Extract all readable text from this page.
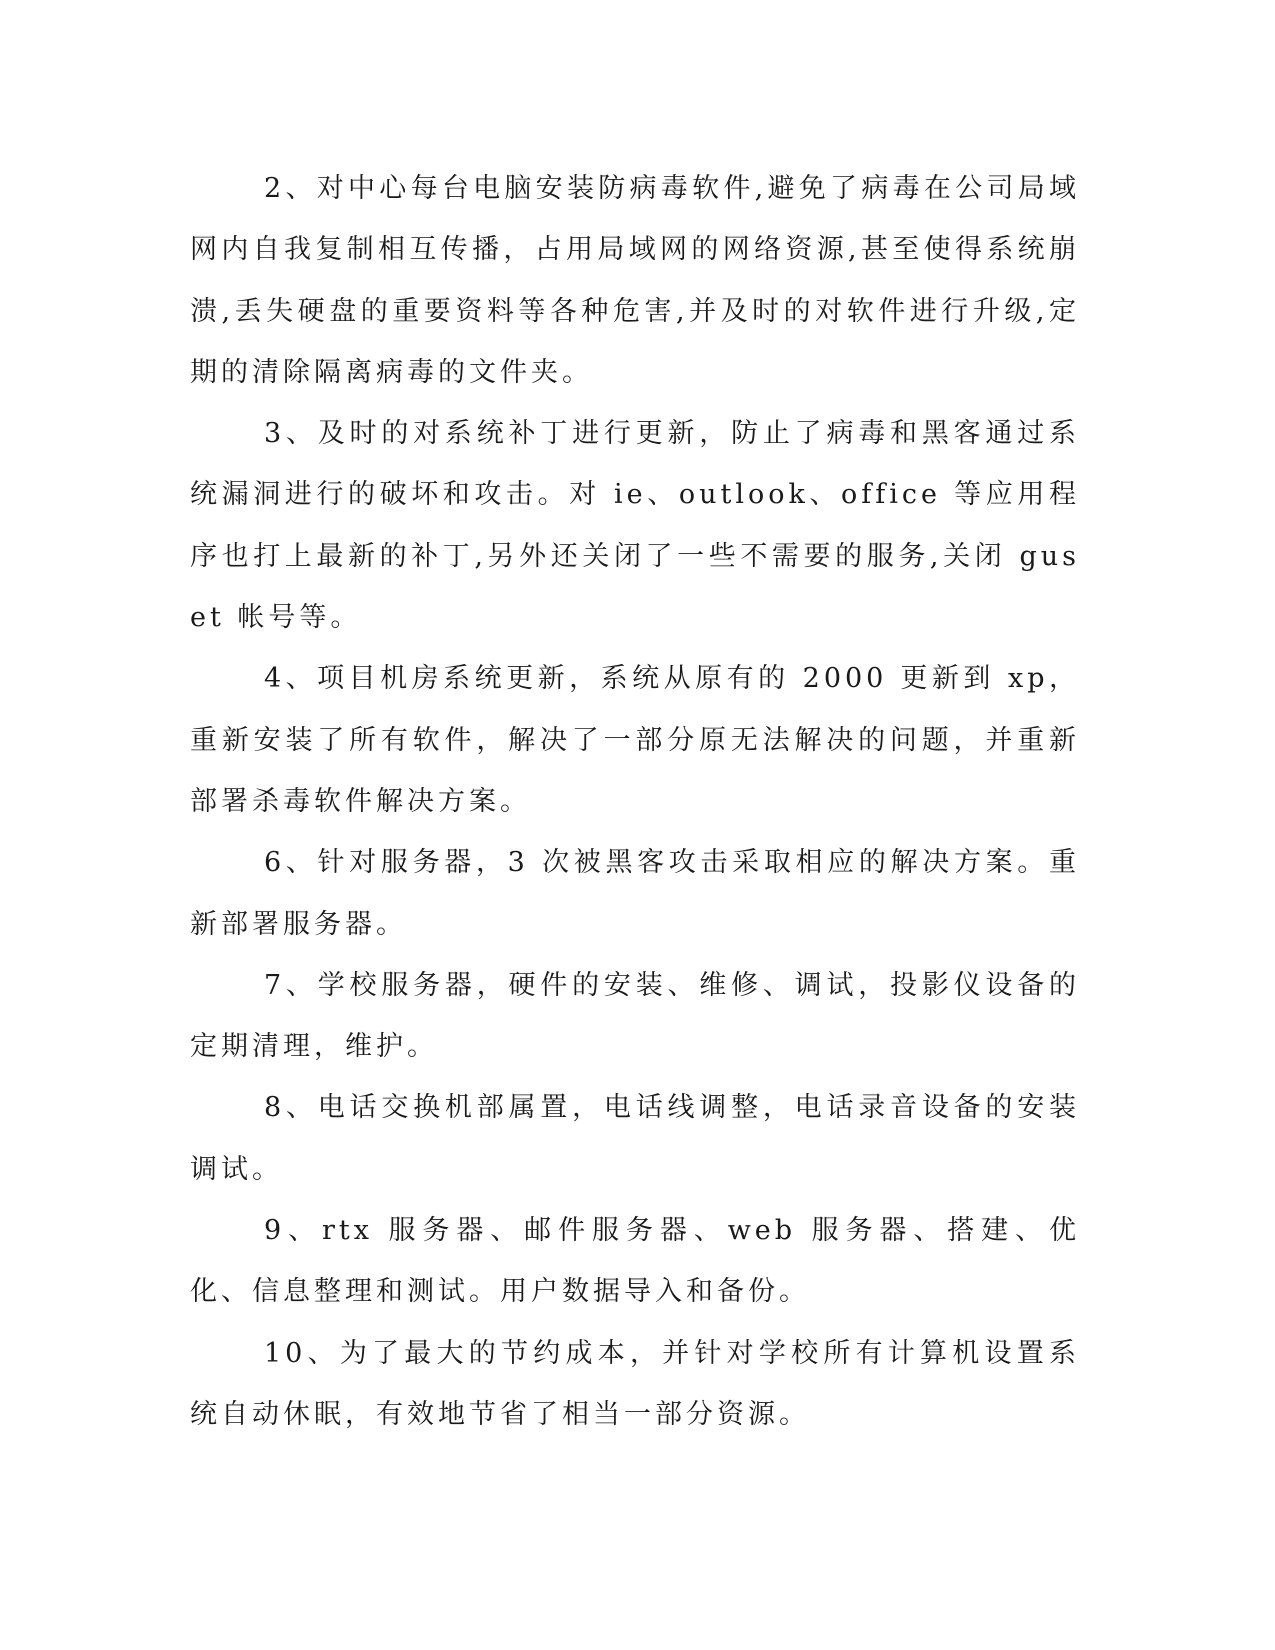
2、对中心每台电脑安装防病毒软件,避免了病毒在公司局域网内自我复制相互传播，占用局域网的网络资源,甚至使得系统崩溃,丢失硬盘的重要资料等各种危害,并及时的对软件进行升级,定期的清除隔离病毒的文件夹。

3、及时的对系统补丁进行更新，防止了病毒和黑客通过系统漏洞进行的破坏和攻击。对 ie、outlook、office 等应用程序也打上最新的补丁,另外还关闭了一些不需要的服务,关闭 guset 帐号等。

4、项目机房系统更新，系统从原有的 2000 更新到 xp，重新安装了所有软件，解决了一部分原无法解决的问题，并重新部署杀毒软件解决方案。

6、针对服务器，3 次被黑客攻击采取相应的解决方案。重新部署服务器。

7、学校服务器，硬件的安装、维修、调试，投影仪设备的定期清理，维护。

8、电话交换机部属置，电话线调整，电话录音设备的安装调试。

9、rtx 服务器、邮件服务器、web 服务器、搭建、优化、信息整理和测试。用户数据导入和备份。

10、为了最大的节约成本，并针对学校所有计算机设置系统自动休眠，有效地节省了相当一部分资源。
